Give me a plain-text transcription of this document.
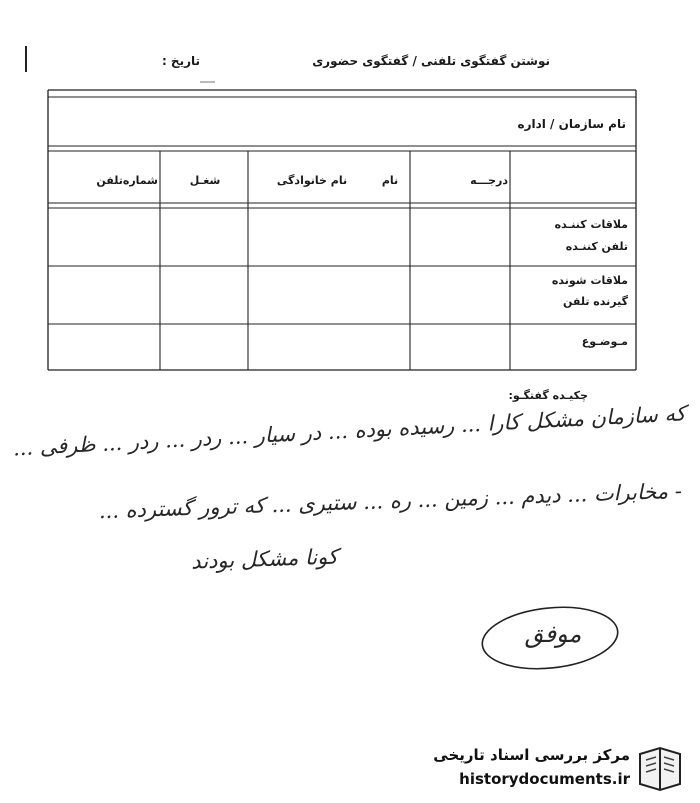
نوشتن گفتگوی تلفنی / گفتگوی حضوری
تاریخ :
نام سازمان / اداره
درجـــه
نام
نام خانوادگی
شغـل
شماره‌تلفن
ملاقات کننـده
تلفن کننـده
ملاقات شونده
گیرنده تلفن
مـوضـوع
چکیـده گفتگـو:
که سازمان مشکل کارا ... رسیده بوده ... در سیار ... ردر ... ردر ... ظرفی ...
- مخابرات ... دیدم ... زمین ... ره ... ستیری ... که ترور گسترده ...
کونا مشکل بودند
موفق
مرکز بررسی اسناد تاریخی
historydocuments.ir
